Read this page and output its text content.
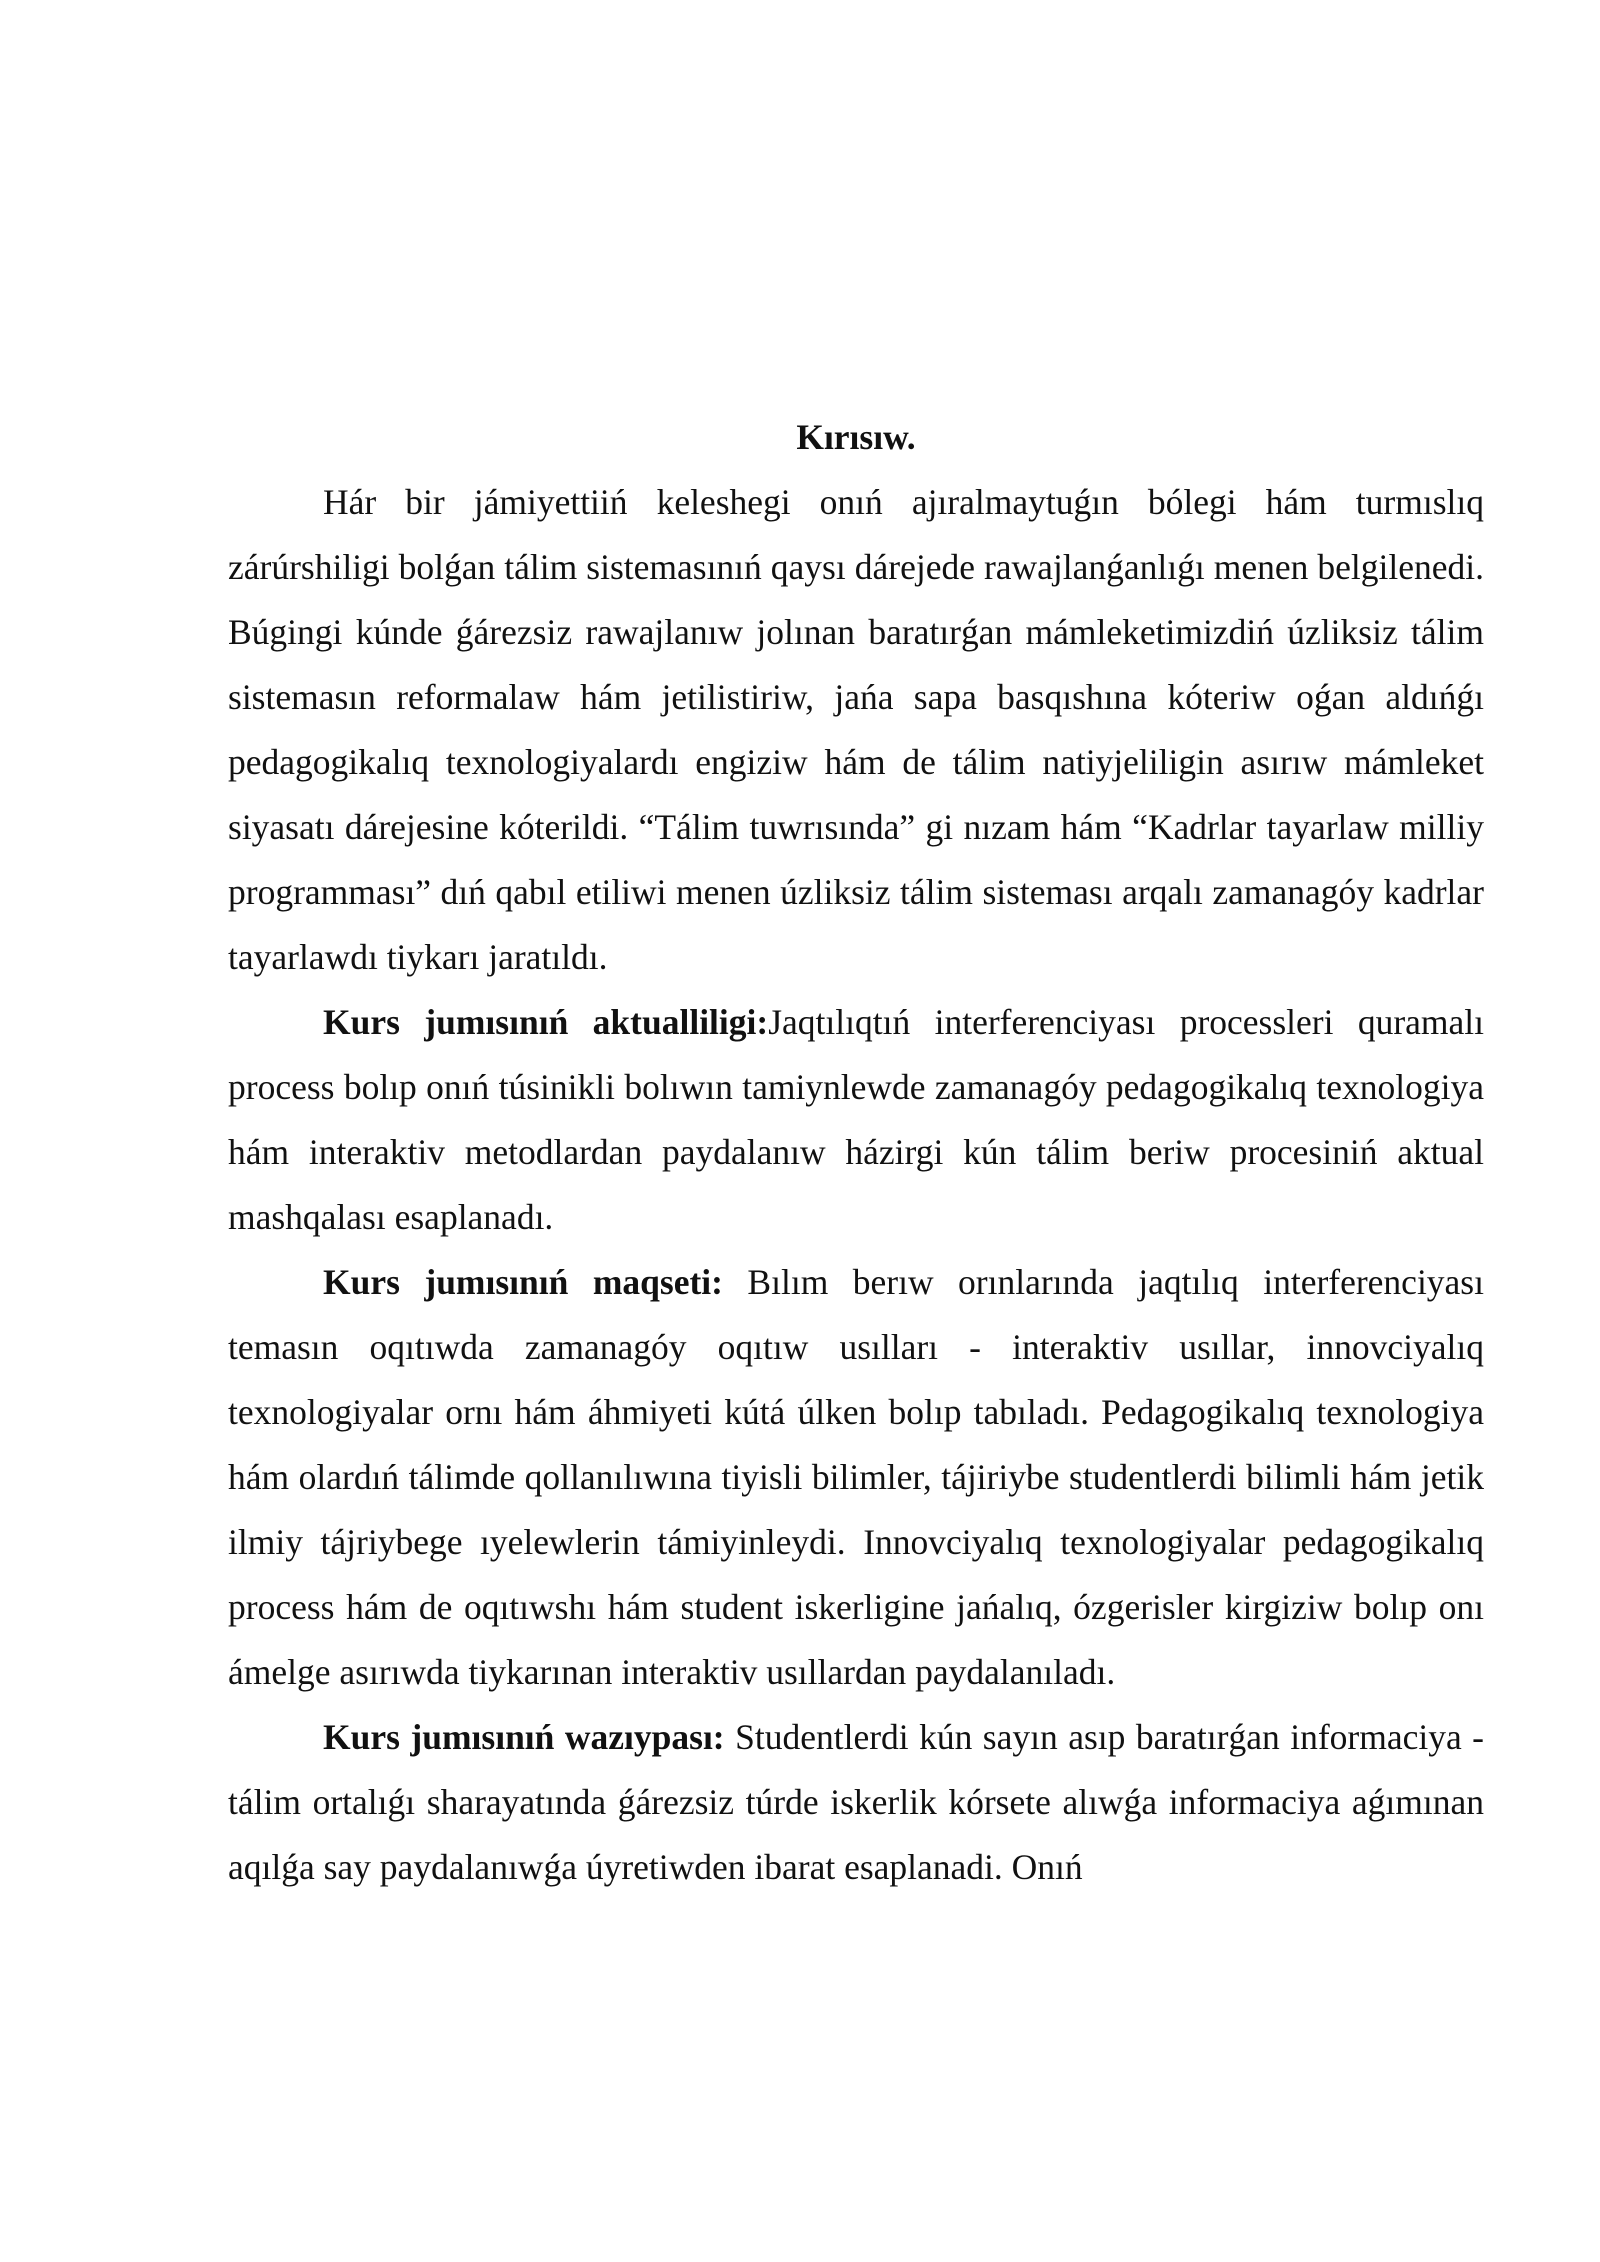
Kırısıw.

Hár bir jámiyettiiń keleshegi onıń ajıralmaytuǵın bólegi hám turmıslıq zárúrshiligi bolǵan tálim sistemasınıń qaysı dárejede rawajlanǵanlıǵı menen belgilenedi. Búgingi kúnde ǵárezsiz rawajlanıw jolınan baratırǵan mámleketimizdiń úzliksiz tálim sistemasın reformalaw hám jetilistiriw, jańa sapa basqıshına kóteriw oǵan aldıńǵı pedagogikalıq texnologiyalardı engiziw hám de tálim natiyjeliligin asırıw mámleket siyasatı dárejesine kóterildi. “Tálim tuwrısında” gi nızam hám “Kadrlar tayarlaw milliy programması” dıń qabıl etiliwi menen úzliksiz tálim sisteması arqalı zamanagóy kadrlar tayarlawdı tiykarı jaratıldı.

Kurs jumısınıń aktualliligi:Jaqtılıqtıń interferenciyası processleri quramalı process bolıp onıń túsinikli bolıwın tamiynlewde zamanagóy pedagogikalıq texnologiya hám interaktiv metodlardan paydalanıw házirgi kún tálim beriw procesiniń aktual mashqalası esaplanadı.

Kurs jumısınıń maqseti: Bılım berıw orınlarında jaqtılıq interferenciyası temasın oqıtıwda zamanagóy oqıtıw usılları - interaktiv usıllar, innovciyalıq texnologiyalar ornı hám áhmiyeti kútá úlken bolıp tabıladı. Pedagogikalıq texnologiya hám olardıń tálimde qollanılıwına tiyisli bilimler, tájiriybe studentlerdi bilimli hám jetik ilmiy tájriybege ıyelewlerin támiyinleydi. Innovciyalıq texnologiyalar pedagogikalıq process hám de oqıtıwshı hám student iskerligine jańalıq, ózgerisler kirgiziw bolıp onı ámelge asırıwda tiykarınan interaktiv usıllardan paydalanıladı.

Kurs jumısınıń wazıypası: Studentlerdi kún sayın asıp baratırǵan informaciya - tálim ortalıǵı sharayatında ǵárezsiz túrde iskerlik kórsete alıwǵa informaciya aǵımınan aqılǵa say paydalanıwǵa úyretiwden ibarat esaplanadi. Onıń
